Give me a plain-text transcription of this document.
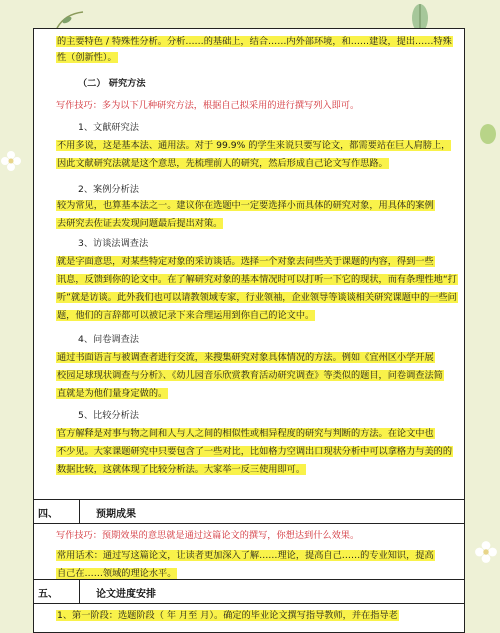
的主要特色 / 特殊性分析。分析……的基础上，结合……内外部环境，和……建设，提出……特殊
性（创新性）。
（二） 研究方法
写作技巧：多为以下几种研究方法，根据自己拟采用的进行撰写列入即可。
1、文献研究法
不用多说，这是基本法、通用法。对于 99.9% 的学生来说只要写论文，都需要站在巨人肩膀上，
因此文献研究法就是这个意思，先梳理前人的研究，然后形成自己论文写作思路。
2、案例分析法
较为常见，也算基本法之一。建议你在选题中一定要选择小而具体的研究对象，用具体的案例
去研究去佐证去发现问题最后提出对策。
3、访谈法调查法
就是字面意思，对某些特定对象的采访谈话。选择一个对象去问些关于课题的内容，得到一些
讯息，反馈到你的论文中。在了解研究对象的基本情况时可以打听一下它的现状，而有条理性地“打
听”就是访谈。此外我们也可以请教领域专家，行业领袖，企业领导等谈谈相关研究课题中的一些问
题，他们的言辞都可以被记录下来合理运用到你自己的论文中。
4、问卷调查法
通过书面语言与被调查者进行交流，来搜集研究对象具体情况的方法。例如《宜州区小学开展
校园足球现状调查与分析》、《幼儿园音乐欣赏教育活动研究调查》等类似的题目，问卷调查法简
直就是为他们量身定做的。
5、比较分析法
官方解释是对事与物之间和人与人之间的相似性或相异程度的研究与判断的方法。在论文中也
不少见。大家课题研究中只要包含了一些对比，比如格力空调出口现状分析中可以拿格力与美的的
数据比较，这就体现了比较分析法。大家举一反三使用即可。
四、	预期成果
写作技巧：预期效果的意思就是通过这篇论文的撰写，你想达到什么效果。
常用话术：通过写这篇论文，让读者更加深入了解……理论，提高自己……的专业知识，提高
自己在……领域的理论水平。
五、	论文进度安排
1、第一阶段：选题阶段（ 年 月至 月）。确定的毕业论文撰写指导教师，并在指导老
